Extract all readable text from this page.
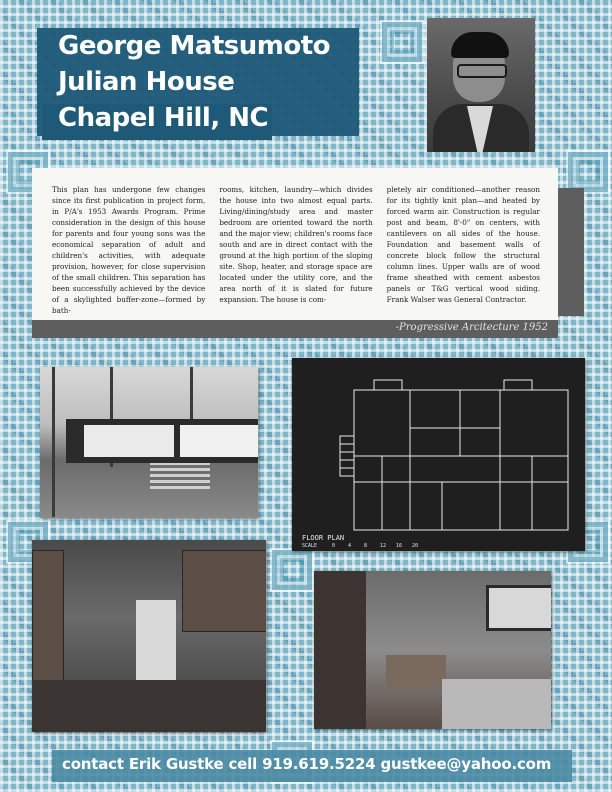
George Matsumoto
Julian House
Chapel Hill, NC

This plan has undergone few changes since its first publication in project form, in P/A's 1953 Awards Program. Prime consideration in the design of this house for parents and four young sons was the economical separation of adult and children's activities, with adequate provision, however, for close supervision of the small children. This separation has been successfully achieved by the device of a skylighted buffer-zone—formed by bath-

rooms, kitchen, laundry—which divides the house into two almost equal parts. Living/dining/study area and master bedroom are oriented toward the north and the major view; children's rooms face south and are in direct contact with the ground at the high portion of the sloping site. Shop, heater, and storage space are located under the utility core, and the area north of it is slated for future expansion. The house is com-

pletely air conditioned—another reason for its tightly knit plan—and heated by forced warm air. Construction is regular post and beam, 8'-0" on centers, with cantilevers on all sides of the house. Foundation and basement walls of concrete block follow the structural column lines. Upper walls are of wood frame sheathed with cement asbestos panels or T&G vertical wood siding. Frank Walser was General Contractor.

-Progressive Arcitecture 1952
FLOOR PLAN
SCALE	0	4	8	12 16 20

contact Erik Gustke cell 919.619.5224 gustkee@yahoo.com
